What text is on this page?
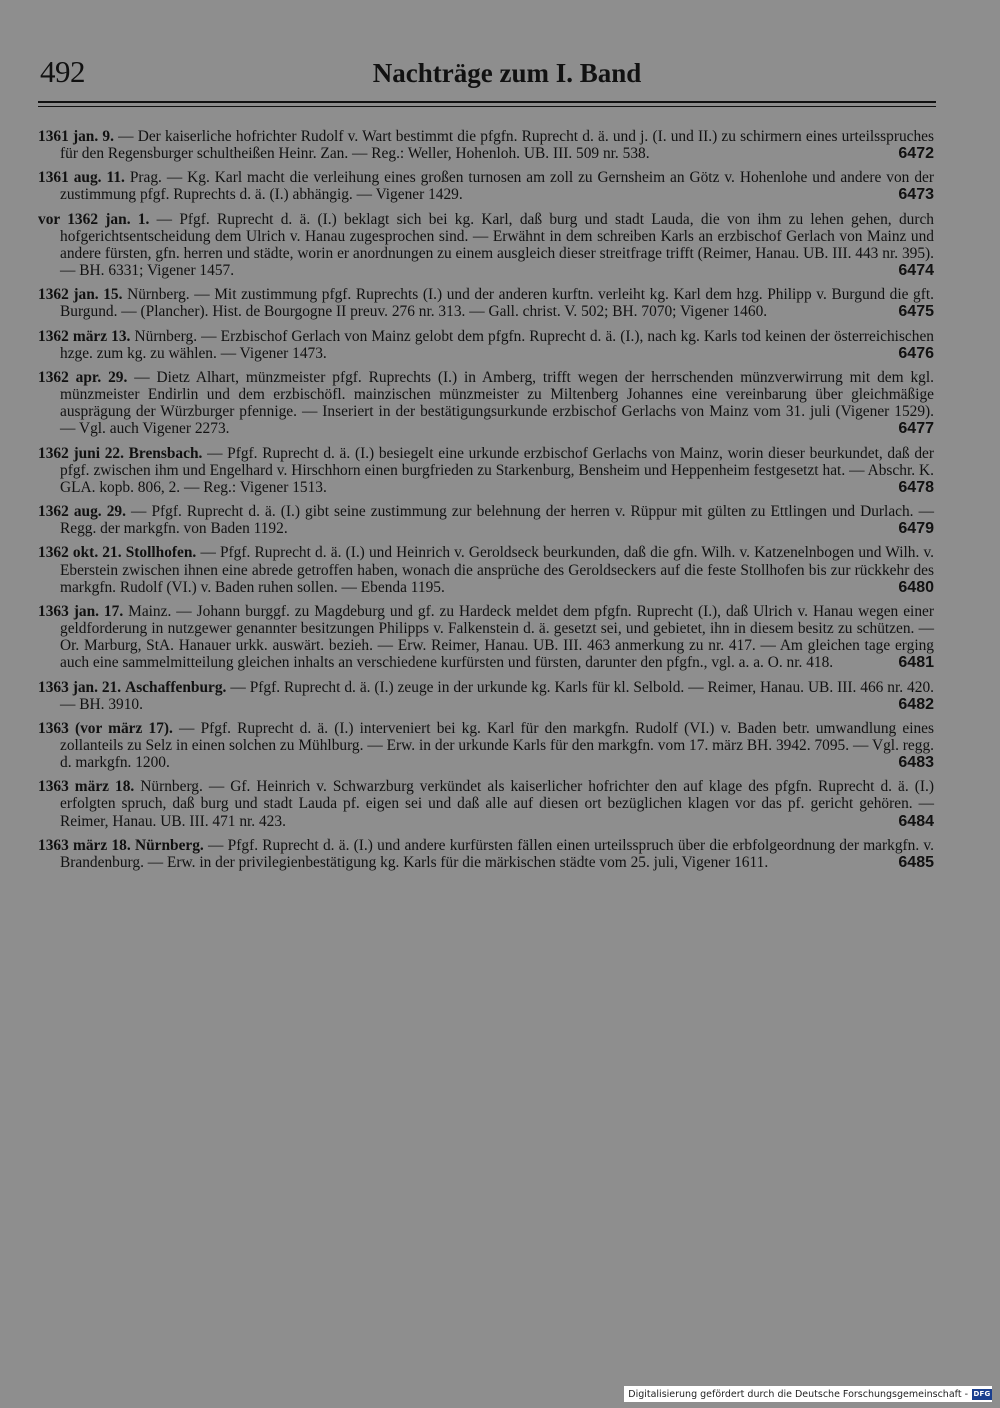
492	Nachträge zum I. Band
1361 jan. 9. — Der kaiserliche hofrichter Rudolf v. Wart bestimmt die pfgfn. Ruprecht d. ä. und j. (I. und II.) zu schirmern eines urteilsspruches für den Regensburger schultheißen Heinr. Zan. — Reg.: Weller, Hohenloh. UB. III. 509 nr. 538.	6472
1361 aug. 11. Prag. — Kg. Karl macht die verleihung eines großen turnosen am zoll zu Gernsheim an Götz v. Hohenlohe und andere von der zustimmung pfgf. Ruprechts d. ä. (I.) abhängig. — Vigener 1429.	6473
vor 1362 jan. 1. — Pfgf. Ruprecht d. ä. (I.) beklagt sich bei kg. Karl, daß burg und stadt Lauda, die von ihm zu lehen gehen, durch hofgerichtsentscheidung dem Ulrich v. Hanau zugesprochen sind. — Erwähnt in dem schreiben Karls an erzbischof Gerlach von Mainz und andere fürsten, gfn. herren und städte, worin er anordnungen zu einem ausgleich dieser streitfrage trifft (Reimer, Hanau. UB. III. 443 nr. 395). — BH. 6331; Vigener 1457.	6474
1362 jan. 15. Nürnberg. — Mit zustimmung pfgf. Ruprechts (I.) und der anderen kurftn. verleiht kg. Karl dem hzg. Philipp v. Burgund die gft. Burgund. — (Plancher). Hist. de Bourgogne II preuv. 276 nr. 313. — Gall. christ. V. 502; BH. 7070; Vigener 1460.	6475
1362 märz 13. Nürnberg. — Erzbischof Gerlach von Mainz gelobt dem pfgfn. Ruprecht d. ä. (I.), nach kg. Karls tod keinen der österreichischen hzge. zum kg. zu wählen. — Vigener 1473.	6476
1362 apr. 29. — Dietz Alhart, münzmeister pfgf. Ruprechts (I.) in Amberg, trifft wegen der herrschenden münzverwirrung mit dem kgl. münzmeister Endirlin und dem erzbischöfl. mainzischen münzmeister zu Miltenberg Johannes eine vereinbarung über gleichmäßige ausprägung der Würzburger pfennige. — Inseriert in der bestätigungsurkunde erzbischof Gerlachs von Mainz vom 31. juli (Vigener 1529). — Vgl. auch Vigener 2273.	6477
1362 juni 22. Brensbach. — Pfgf. Ruprecht d. ä. (I.) besiegelt eine urkunde erzbischof Gerlachs von Mainz, worin dieser beurkundet, daß der pfgf. zwischen ihm und Engelhard v. Hirschhorn einen burgfrieden zu Starkenburg, Bensheim und Heppenheim festgesetzt hat. — Abschr. K. GLA. kopb. 806, 2. — Reg.: Vigener 1513.	6478
1362 aug. 29. — Pfgf. Ruprecht d. ä. (I.) gibt seine zustimmung zur belehnung der herren v. Rüppur mit gülten zu Ettlingen und Durlach. — Regg. der markgfn. von Baden 1192.	6479
1362 okt. 21. Stollhofen. — Pfgf. Ruprecht d. ä. (I.) und Heinrich v. Geroldseck beurkunden, daß die gfn. Wilh. v. Katzenelnbogen und Wilh. v. Eberstein zwischen ihnen eine abrede getroffen haben, wonach die ansprüche des Geroldseckers auf die feste Stollhofen bis zur rückkehr des markgfn. Rudolf (VI.) v. Baden ruhen sollen. — Ebenda 1195.	6480
1363 jan. 17. Mainz. — Johann burggf. zu Magdeburg und gf. zu Hardeck meldet dem pfgfn. Ruprecht (I.), daß Ulrich v. Hanau wegen einer geldforderung in nutzgewer genannter besitzungen Philipps v. Falkenstein d. ä. gesetzt sei, und gebietet, ihn in diesem besitz zu schützen. — Or. Marburg, StA. Hanauer urkk. auswärt. bezieh. — Erw. Reimer, Hanau. UB. III. 463 anmerkung zu nr. 417. — Am gleichen tage erging auch eine sammelmitteilung gleichen inhalts an verschiedene kurfürsten und fürsten, darunter den pfgfn., vgl. a. a. O. nr. 418.	6481
1363 jan. 21. Aschaffenburg. — Pfgf. Ruprecht d. ä. (I.) zeuge in der urkunde kg. Karls für kl. Selbold. — Reimer, Hanau. UB. III. 466 nr. 420. — BH. 3910.	6482
1363 (vor märz 17). — Pfgf. Ruprecht d. ä. (I.) interveniert bei kg. Karl für den markgfn. Rudolf (VI.) v. Baden betr. umwandlung eines zollanteils zu Selz in einen solchen zu Mühlburg. — Erw. in der urkunde Karls für den markgfn. vom 17. märz BH. 3942. 7095. — Vgl. regg. d. markgfn. 1200.	6483
1363 märz 18. Nürnberg. — Gf. Heinrich v. Schwarzburg verkündet als kaiserlicher hofrichter den auf klage des pfgfn. Ruprecht d. ä. (I.) erfolgten spruch, daß burg und stadt Lauda pf. eigen sei und daß alle auf diesen ort bezüglichen klagen vor das pf. gericht gehören. — Reimer, Hanau. UB. III. 471 nr. 423.	6484
1363 märz 18. Nürnberg. — Pfgf. Ruprecht d. ä. (I.) und andere kurfürsten fällen einen urteilsspruch über die erbfolgeordnung der markgfn. v. Brandenburg. — Erw. in der privilegienbestätigung kg. Karls für die märkischen städte vom 25. juli, Vigener 1611.	6485
Digitalisierung gefördert durch die Deutsche Forschungsgemeinschaft - DFG
